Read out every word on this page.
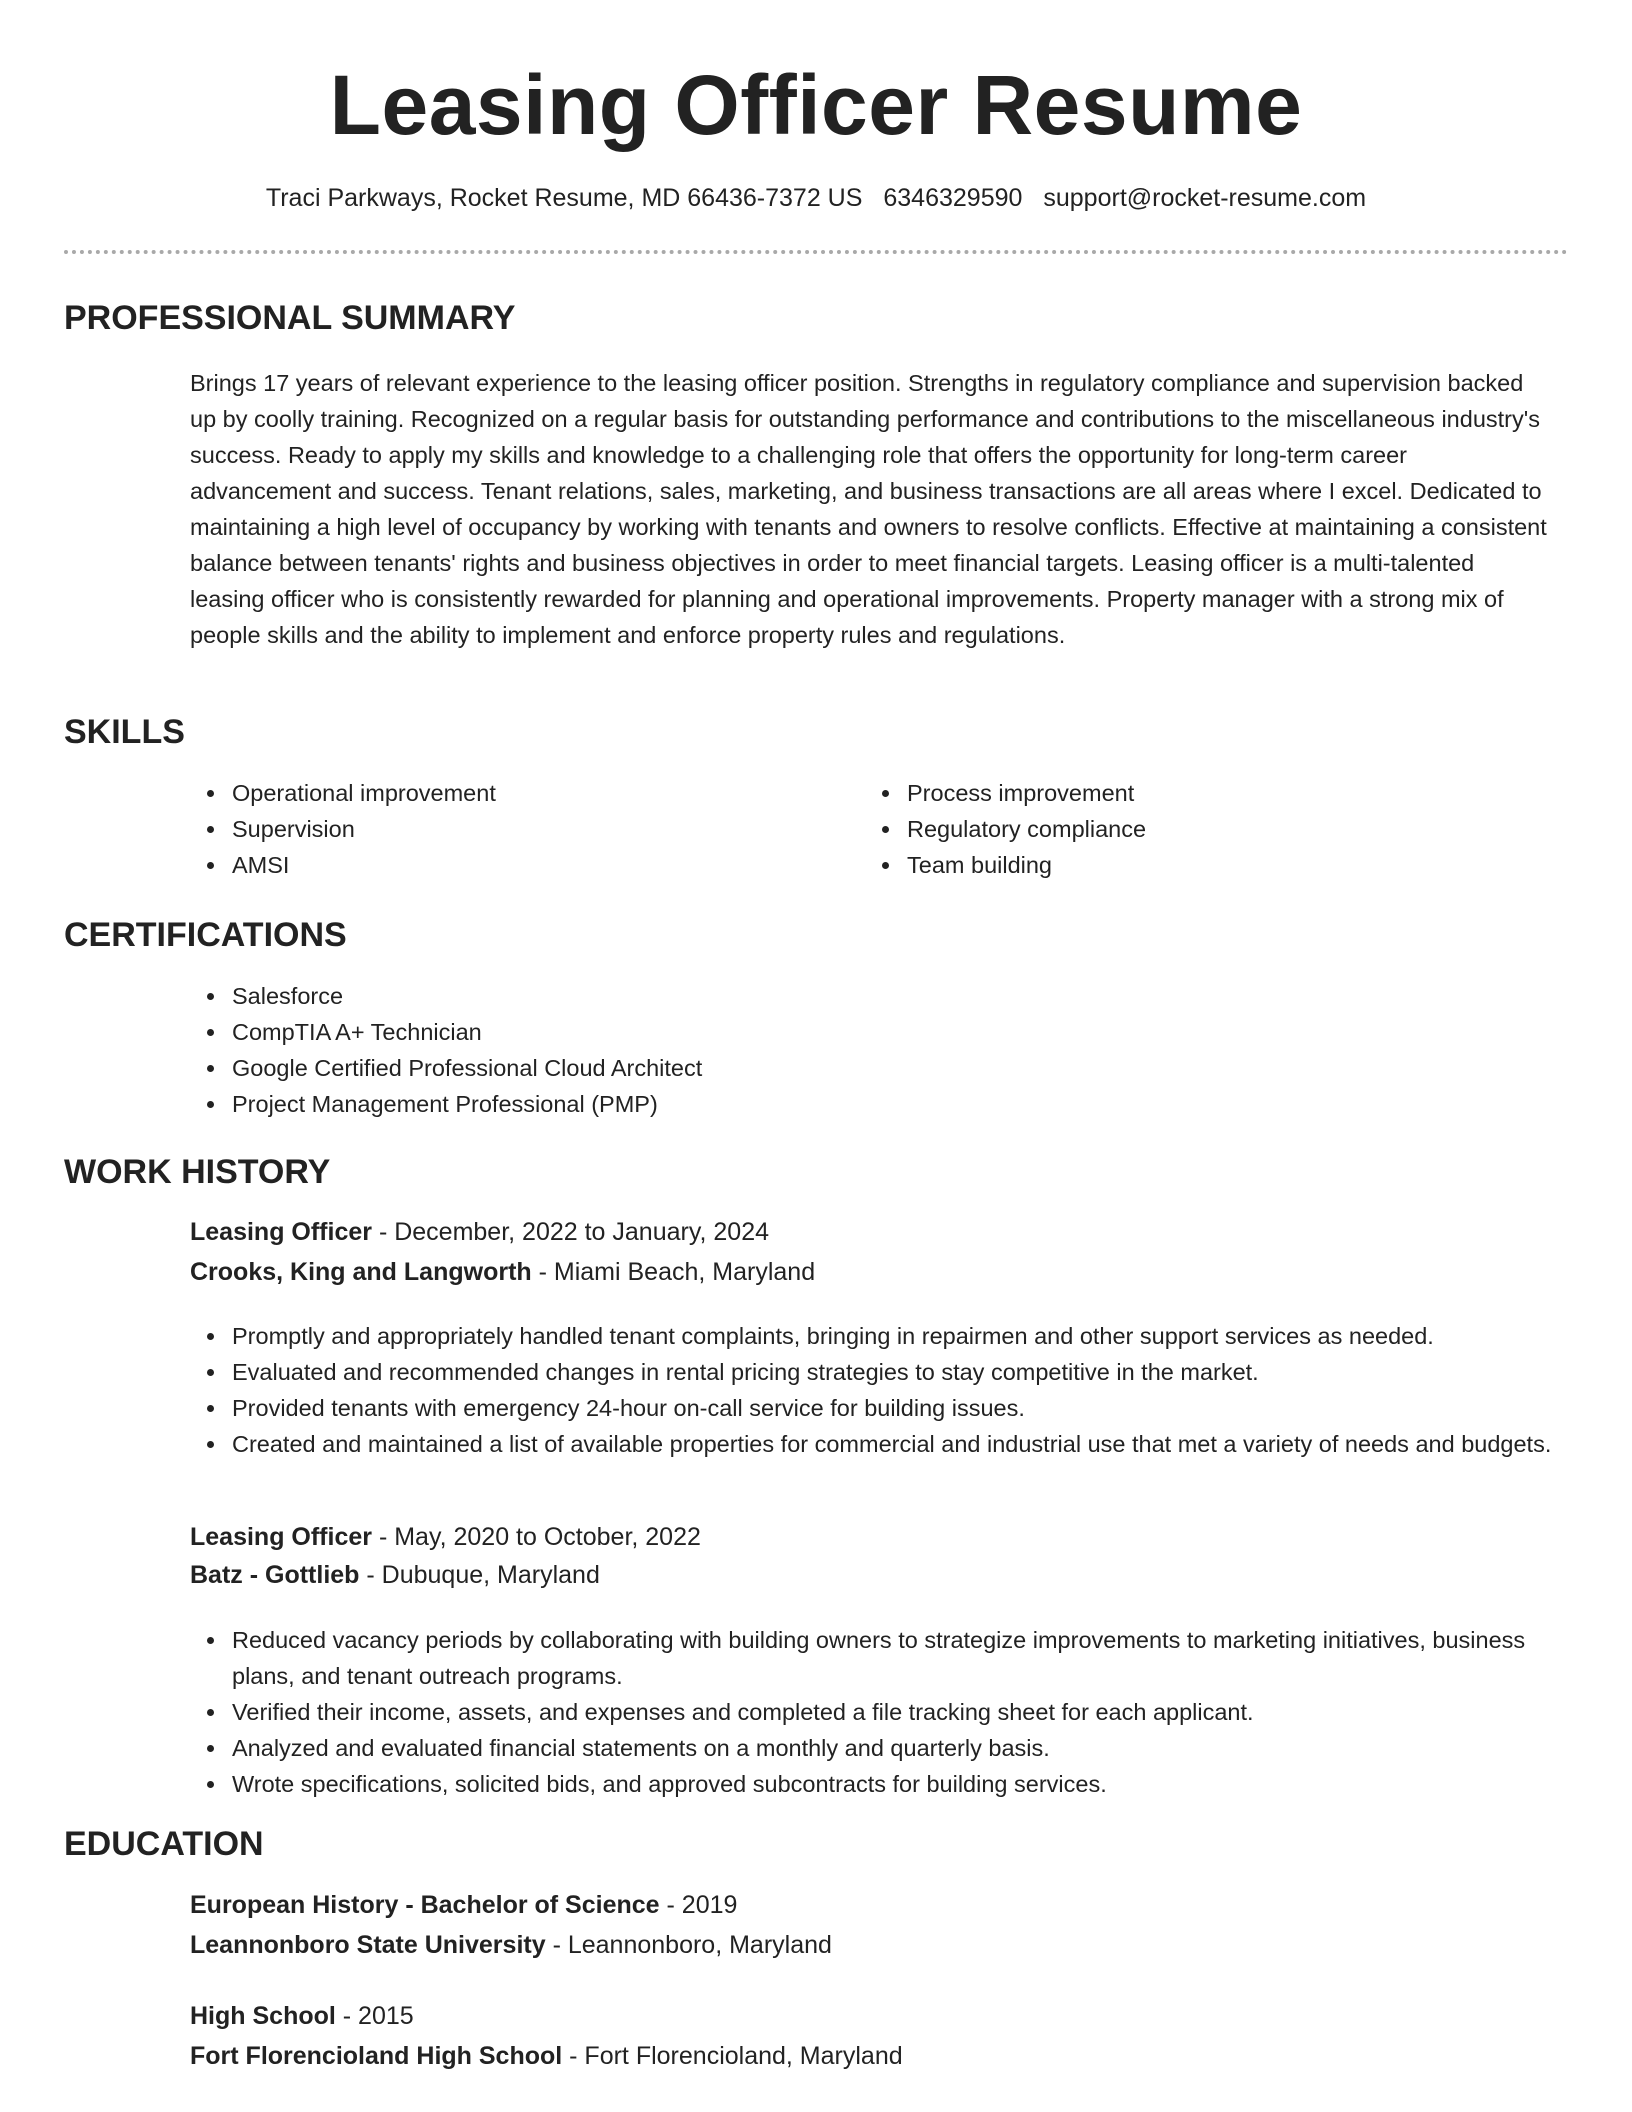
Leasing Officer Resume
Traci Parkways, Rocket Resume, MD 66436-7372 US 6346329590 support@rocket-resume.com
PROFESSIONAL SUMMARY
Brings 17 years of relevant experience to the leasing officer position. Strengths in regulatory compliance and supervision backed up by coolly training. Recognized on a regular basis for outstanding performance and contributions to the miscellaneous industry's success. Ready to apply my skills and knowledge to a challenging role that offers the opportunity for long-term career advancement and success. Tenant relations, sales, marketing, and business transactions are all areas where I excel. Dedicated to maintaining a high level of occupancy by working with tenants and owners to resolve conflicts. Effective at maintaining a consistent balance between tenants' rights and business objectives in order to meet financial targets. Leasing officer is a multi-talented leasing officer who is consistently rewarded for planning and operational improvements. Property manager with a strong mix of people skills and the ability to implement and enforce property rules and regulations.
SKILLS
Operational improvement
Supervision
AMSI
Process improvement
Regulatory compliance
Team building
CERTIFICATIONS
Salesforce
CompTIA A+ Technician
Google Certified Professional Cloud Architect
Project Management Professional (PMP)
WORK HISTORY
Leasing Officer - December, 2022 to January, 2024
Crooks, King and Langworth - Miami Beach, Maryland
Promptly and appropriately handled tenant complaints, bringing in repairmen and other support services as needed.
Evaluated and recommended changes in rental pricing strategies to stay competitive in the market.
Provided tenants with emergency 24-hour on-call service for building issues.
Created and maintained a list of available properties for commercial and industrial use that met a variety of needs and budgets.
Leasing Officer - May, 2020 to October, 2022
Batz - Gottlieb - Dubuque, Maryland
Reduced vacancy periods by collaborating with building owners to strategize improvements to marketing initiatives, business plans, and tenant outreach programs.
Verified their income, assets, and expenses and completed a file tracking sheet for each applicant.
Analyzed and evaluated financial statements on a monthly and quarterly basis.
Wrote specifications, solicited bids, and approved subcontracts for building services.
EDUCATION
European History - Bachelor of Science - 2019
Leannonboro State University - Leannonboro, Maryland
High School - 2015
Fort Florencioland High School - Fort Florencioland, Maryland
